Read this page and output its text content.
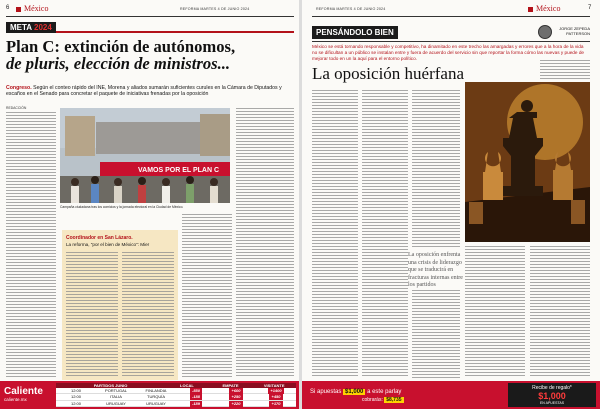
6	México	REFORMA MARTES 4 DE JUNIO 2024
META 2024
Plan C: extinción de autónomos,
de pluris, elección de ministros...
Congreso. Según el conteo rápido del INE, Morena y aliados sumarán suficientes curules en la Cámara de Diputados y escaños en el Senado para concretar el paquete de iniciativas frenadas por la oposición
REDACCIÓN
VAMOS POR EL PLAN C
Campaña ciudadana tras los comicios y la jornada electoral en la Ciudad de México.
Coordinador en San Lázaro.
La reforma, "por el bien de México": Mier
Caliente
caliente.mx
PARTIDOS JUNIO	LOCAL	EMPATE	VISITANTE
12:00	PORTUGAL	FINLANDIA	-550	+600	+1400
12:00	ITALIA	TURQUÍA	-188	+250	+450
12:00	URUGUAY	URUGUAY	-189	+220	+170
REFORMA MARTES 4 DE JUNIO 2024	México	7
PENSÁNDOLO BIEN	JORGE ZEPEDA
PATTERSON
México se está tornando responsable y competitivo, ha dinamitado en este trecho las amargadas y errores que a la hora de la vida no se dificultan a un público se instalan entre y fuera de acuerdo del servicio sin que reportar la forma cómo las nuevas y puede de mejorar todo en un la aquí para el entorno político.
La oposición huérfana
La oposición enfrenta una crisis de liderazgo que se traducirá en fracturas internas entre los partidos
Si apuestas $1,000 a este parlay
cobrarás: $8,735
Recibe de regalo*
$1,000
EN APUESTAS
